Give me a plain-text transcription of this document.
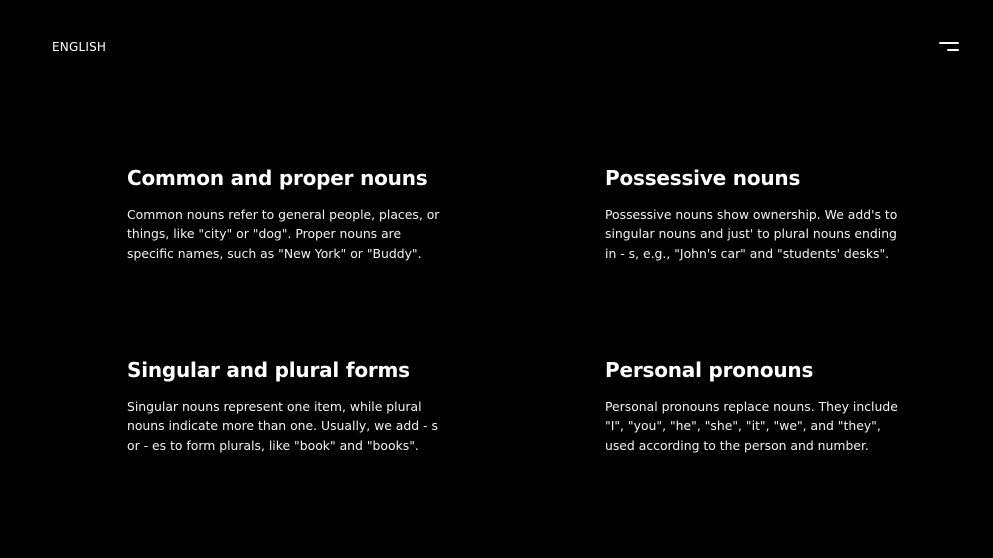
ENGLISH
Common and proper nouns

Common nouns refer to general people, places, or things, like "city" or "dog". Proper nouns are specific names, such as "New York" or "Buddy".

Possessive nouns

Possessive nouns show ownership. We add's to singular nouns and just' to plural nouns ending in - s, e.g., "John's car" and "students' desks".

Singular and plural forms

Singular nouns represent one item, while plural nouns indicate more than one. Usually, we add - s or - es to form plurals, like "book" and "books".

Personal pronouns

Personal pronouns replace nouns. They include "I", "you", "he", "she", "it", "we", and "they", used according to the person and number.
